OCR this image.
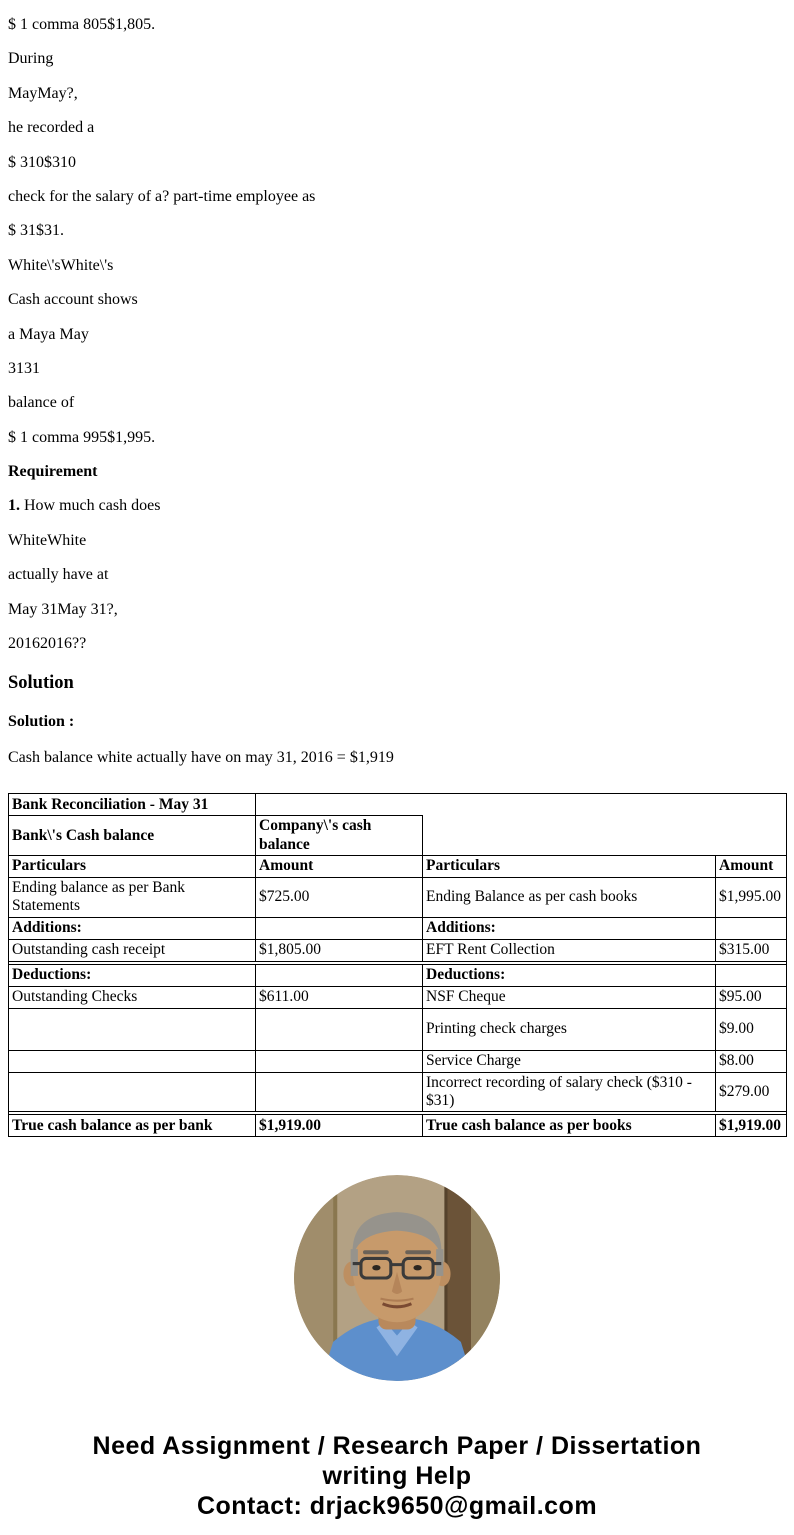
$ 1 comma 805$1,805.

During

MayMay?,

he recorded a

$ 310$310

check for the salary of a? part-time employee as

$ 31$31.

White\'sWhite\'s

Cash account shows

a Maya May

3131

balance of

$ 1 comma 995$1,995.

Requirement

1. How much cash does

WhiteWhite

actually have at

May 31May 31?,

20162016??

Solution

Solution :

Cash balance white actually have on may 31, 2016 = $1,919

Bank Reconciliation - May 31			
Bank\'s Cash balance	Company\'s cash balance		
Particulars	Amount	Particulars	Amount
Ending balance as per Bank Statements	$725.00	Ending Balance as per cash books	$1,995.00
Additions:		Additions:	
Outstanding cash receipt	$1,805.00	EFT Rent Collection	$315.00

Deductions:		Deductions:	
Outstanding Checks	$611.00	NSF Cheque	$95.00
		Printing check charges	$9.00
		Service Charge	$8.00
		Incorrect recording of salary check ($310 - $31)	$279.00

True cash balance as per bank	$1,919.00	True cash balance as per books	$1,919.00
Need Assignment / Research Paper / Dissertation
writing Help
Contact: drjack9650@gmail.com
